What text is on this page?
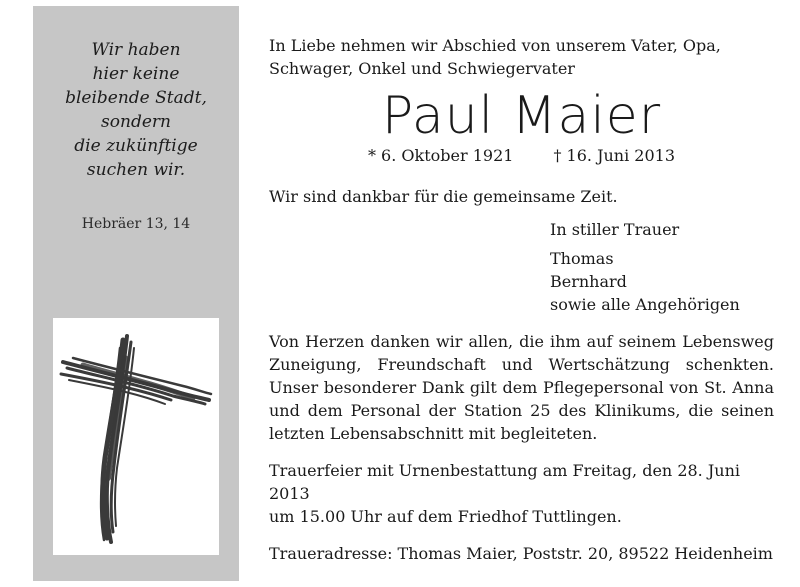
Wir haben
hier keine
bleibende Stadt,
sondern
die zukünftige
suchen wir.
Hebräer 13, 14
In Liebe nehmen wir Abschied von unserem Vater, Opa,
Schwager, Onkel und Schwiegervater
Paul Maier
* 6. Oktober 1921	† 16. Juni 2013
Wir sind dankbar für die gemeinsame Zeit.
In stiller Trauer
Thomas
Bernhard
sowie alle Angehörigen
Von Herzen danken wir allen, die ihm auf seinem Lebensweg Zuneigung, Freundschaft und Wertschätzung schenkten. Unser besonderer Dank gilt dem Pflegepersonal von St. Anna und dem Personal der Station 25 des Klinikums, die seinen letzten Lebensabschnitt mit begleiteten.
Trauerfeier mit Urnenbestattung am Freitag, den 28. Juni 2013
um 15.00 Uhr auf dem Friedhof Tuttlingen.
Traueradresse: Thomas Maier, Poststr. 20, 89522 Heidenheim
